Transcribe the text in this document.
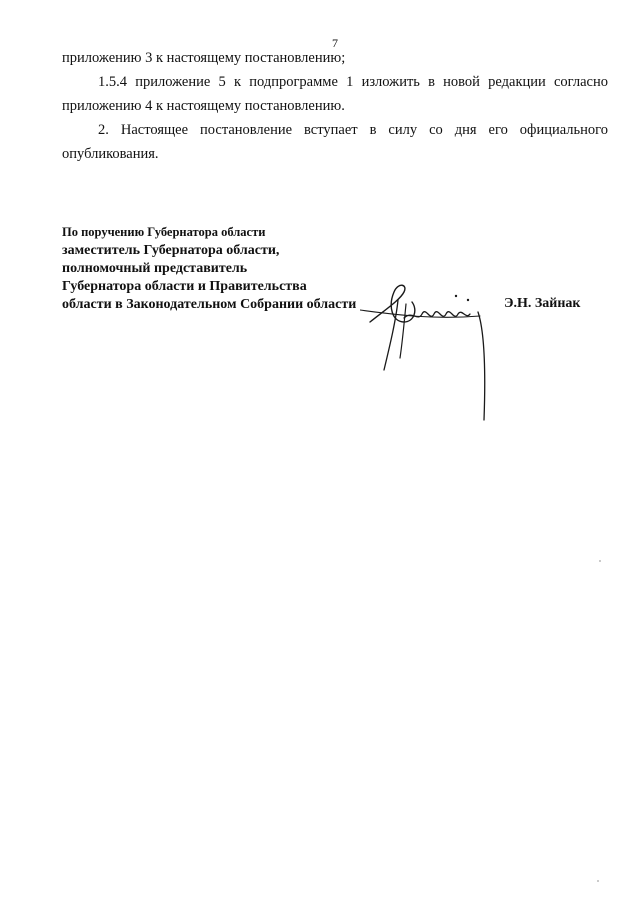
7

приложению 3 к настоящему постановлению;

1.5.4 приложение 5 к подпрограмме 1 изложить в новой редакции согласно приложению 4 к настоящему постановлению.

2. Настоящее постановление вступает в силу со дня его официального опубликования.

По поручению Губернатора области
заместитель Губернатора области,
полномочный представитель
Губернатора области и Правительства
области в Законодательном Собрании области	Э.Н. Зайнак
